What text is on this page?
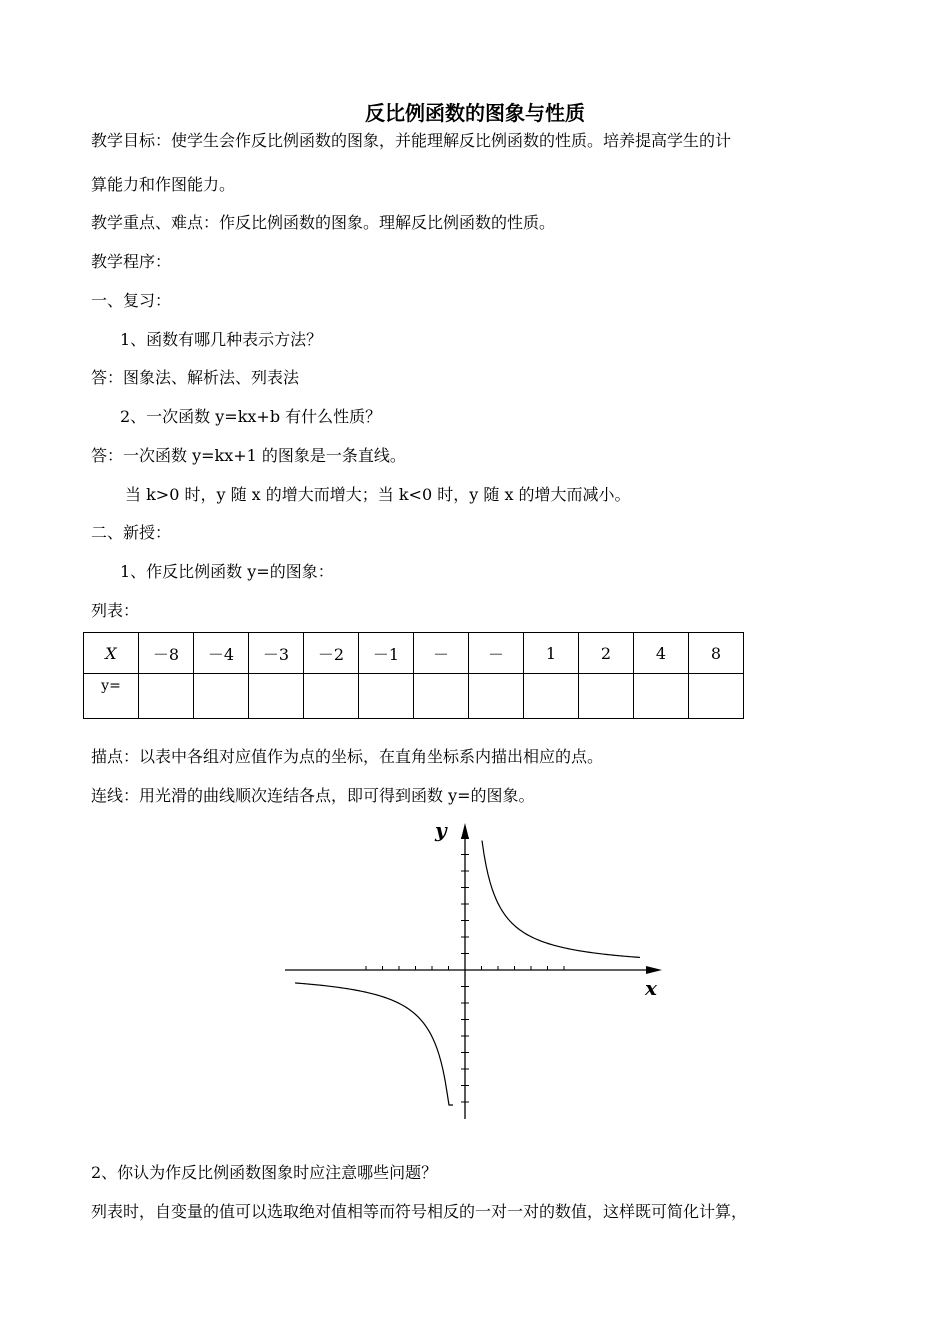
反比例函数的图象与性质
教学目标：使学生会作反比例函数的图象，并能理解反比例函数的性质。培养提高学生的计
算能力和作图能力。
教学重点、难点：作反比例函数的图象。理解反比例函数的性质。
教学程序：
一、复习：
1、函数有哪几种表示方法？
答：图象法、解析法、列表法
2、一次函数 y=kx+b 有什么性质？
答：一次函数 y=kx+1 的图象是一条直线。
当 k>0 时，y 随 x 的增大而增大；当 k<0 时，y 随 x 的增大而减小。
二、新授：
1、作反比例函数 y=的图象：
列表：
X	－8	－4	－3	－2	－1	－	－	1	2	4	8
y=											
描点：以表中各组对应值作为点的坐标，在直角坐标系内描出相应的点。
连线：用光滑的曲线顺次连结各点，即可得到函数 y=的图象。
y
x
2、你认为作反比例函数图象时应注意哪些问题？
列表时，自变量的值可以选取绝对值相等而符号相反的一对一对的数值，这样既可简化计算，
